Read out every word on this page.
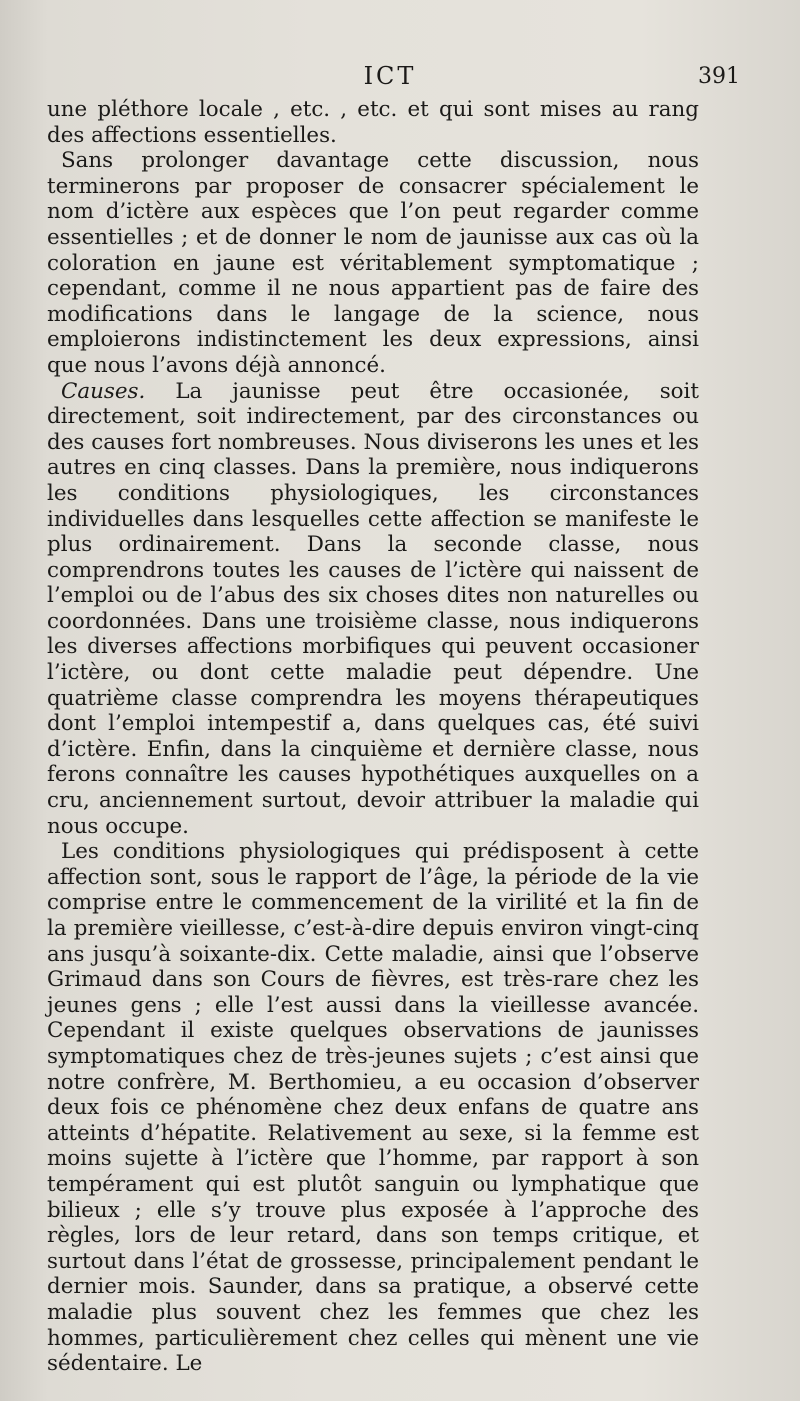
ICT	391

une pléthore locale , etc. , etc. et qui sont mises au rang des affections essentielles.

Sans prolonger davantage cette discussion, nous terminerons par proposer de consacrer spécialement le nom d’ictère aux espèces que l’on peut regarder comme essentielles ; et de donner le nom de jaunisse aux cas où la coloration en jaune est véritablement symptomatique ; cependant, comme il ne nous appartient pas de faire des modifications dans le langage de la science, nous emploierons indistinctement les deux expressions, ainsi que nous l’avons déjà annoncé.

Causes. La jaunisse peut être occasionée, soit directement, soit indirectement, par des circonstances ou des causes fort nombreuses. Nous diviserons les unes et les autres en cinq classes. Dans la première, nous indiquerons les conditions physiologiques, les circonstances individuelles dans lesquelles cette affection se manifeste le plus ordinairement. Dans la seconde classe, nous comprendrons toutes les causes de l’ictère qui naissent de l’emploi ou de l’abus des six choses dites non naturelles ou coordonnées. Dans une troisième classe, nous indiquerons les diverses affections morbifiques qui peuvent occasioner l’ictère, ou dont cette maladie peut dépendre. Une quatrième classe comprendra les moyens thérapeutiques dont l’emploi intempestif a, dans quelques cas, été suivi d’ictère. Enfin, dans la cinquième et dernière classe, nous ferons connaître les causes hypothétiques auxquelles on a cru, anciennement surtout, devoir attribuer la maladie qui nous occupe.

Les conditions physiologiques qui prédisposent à cette affection sont, sous le rapport de l’âge, la période de la vie comprise entre le commencement de la virilité et la fin de la première vieillesse, c’est-à-dire depuis environ vingt-cinq ans jusqu’à soixante-dix. Cette maladie, ainsi que l’observe Grimaud dans son Cours de fièvres, est très-rare chez les jeunes gens ; elle l’est aussi dans la vieillesse avancée. Cependant il existe quelques observations de jaunisses symptomatiques chez de très-jeunes sujets ; c’est ainsi que notre confrère, M. Berthomieu, a eu occasion d’observer deux fois ce phénomène chez deux enfans de quatre ans atteints d’hépatite. Relativement au sexe, si la femme est moins sujette à l’ictère que l’homme, par rapport à son tempérament qui est plutôt sanguin ou lymphatique que bilieux ; elle s’y trouve plus exposée à l’approche des règles, lors de leur retard, dans son temps critique, et surtout dans l’état de grossesse, principalement pendant le dernier mois. Saunder, dans sa pratique, a observé cette maladie plus souvent chez les femmes que chez les hommes, particulièrement chez celles qui mènent une vie sédentaire. Le
